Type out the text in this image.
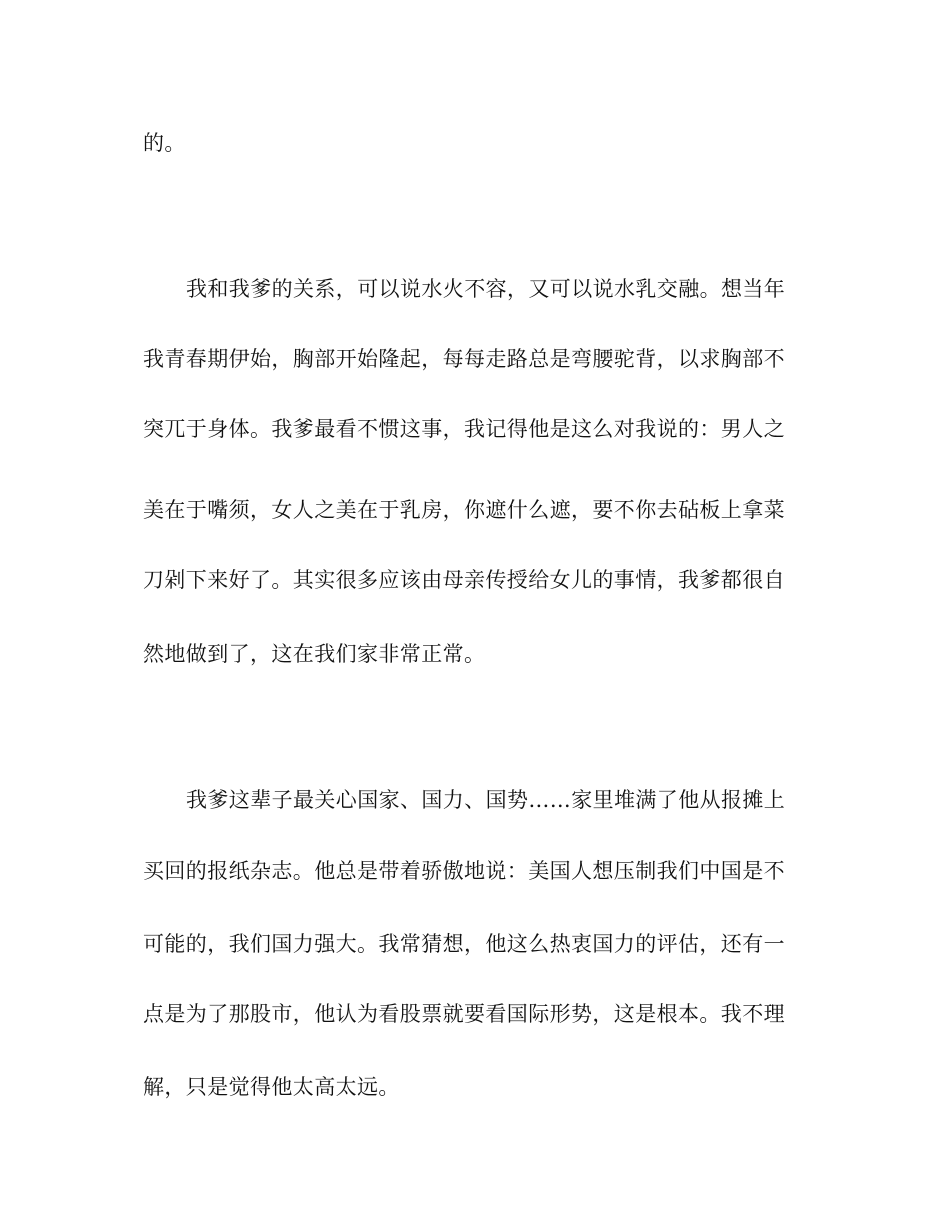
的。

我和我爹的关系，可以说水火不容，又可以说水乳交融。想当年

我青春期伊始，胸部开始隆起，每每走路总是弯腰驼背，以求胸部不

突兀于身体。我爹最看不惯这事，我记得他是这么对我说的：男人之

美在于嘴须，女人之美在于乳房，你遮什么遮，要不你去砧板上拿菜

刀剁下来好了。其实很多应该由母亲传授给女儿的事情，我爹都很自

然地做到了，这在我们家非常正常。

我爹这辈子最关心国家、国力、国势……家里堆满了他从报摊上

买回的报纸杂志。他总是带着骄傲地说：美国人想压制我们中国是不

可能的，我们国力强大。我常猜想，他这么热衷国力的评估，还有一

点是为了那股市，他认为看股票就要看国际形势，这是根本。我不理

解，只是觉得他太高太远。
